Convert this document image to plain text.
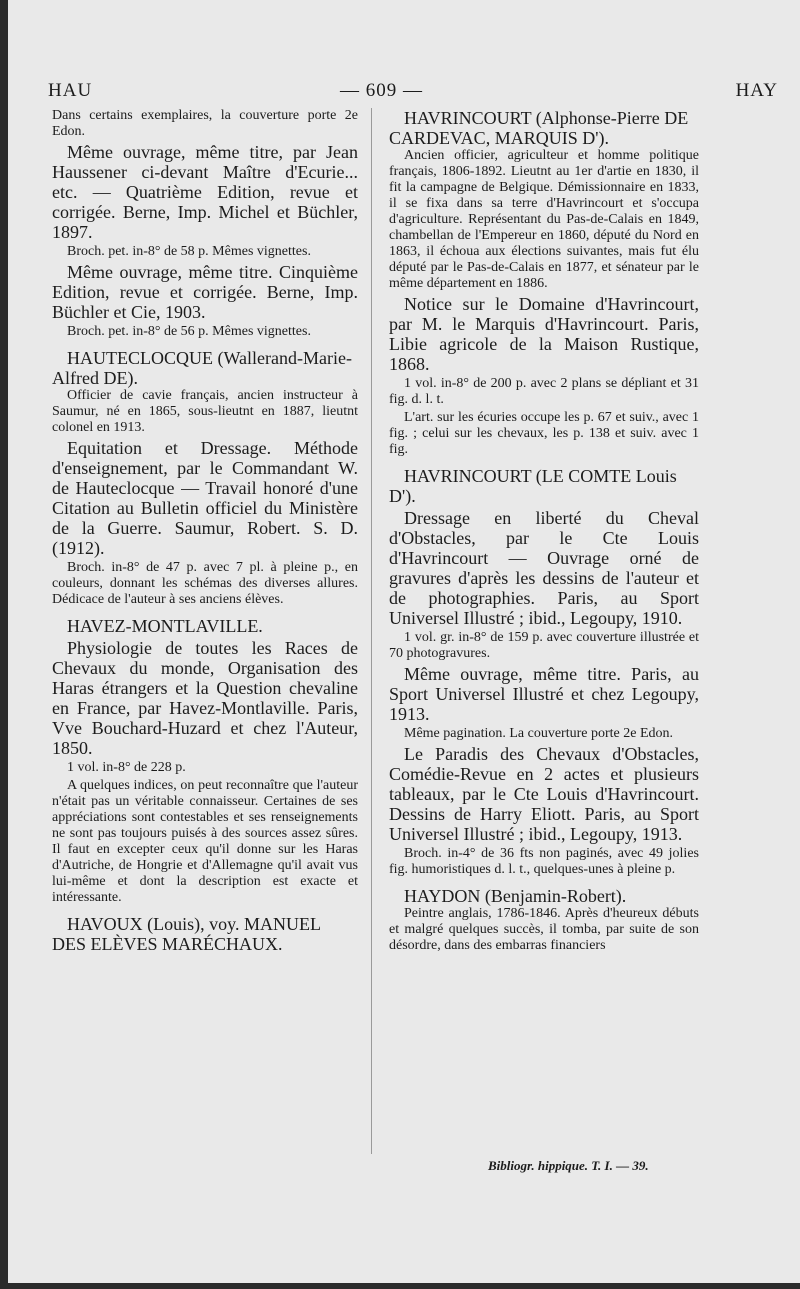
HAU	— 609 —	HAY

Dans certains exemplaires, la couverture porte 2e Edon.

Même ouvrage, même titre, par Jean Haussener ci-devant Maître d'Ecurie... etc. — Quatrième Edition, revue et corrigée. Berne, Imp. Michel et Büchler, 1897.

Broch. pet. in-8° de 58 p. Mêmes vignettes.

Même ouvrage, même titre. Cinquième Edition, revue et corrigée. Berne, Imp. Büchler et Cie, 1903.

Broch. pet. in-8° de 56 p. Mêmes vignettes.

HAUTECLOCQUE (Wallerand-Marie-Alfred DE).

Officier de cavie français, ancien instructeur à Saumur, né en 1865, sous-lieutnt en 1887, lieutnt colonel en 1913.

Equitation et Dressage. Méthode d'enseignement, par le Commandant W. de Hauteclocque — Travail honoré d'une Citation au Bulletin officiel du Ministère de la Guerre. Saumur, Robert. S. D. (1912).

Broch. in-8° de 47 p. avec 7 pl. à pleine p., en couleurs, donnant les schémas des diverses allures. Dédicace de l'auteur à ses anciens élèves.

HAVEZ-MONTLAVILLE.

Physiologie de toutes les Races de Chevaux du monde, Organisation des Haras étrangers et la Question chevaline en France, par Havez-Montlaville. Paris, Vve Bouchard-Huzard et chez l'Auteur, 1850.

1 vol. in-8° de 228 p.

A quelques indices, on peut reconnaître que l'auteur n'était pas un véritable connaisseur. Certaines de ses appréciations sont contestables et ses renseignements ne sont pas toujours puisés à des sources assez sûres. Il faut en excepter ceux qu'il donne sur les Haras d'Autriche, de Hongrie et d'Allemagne qu'il avait vus lui-même et dont la description est exacte et intéressante.

HAVOUX (Louis), voy. MANUEL DES ELÈVES MARÉCHAUX.

HAVRINCOURT (Alphonse-Pierre DE CARDEVAC, MARQUIS D').

Ancien officier, agriculteur et homme politique français, 1806-1892. Lieutnt au 1er d'artie en 1830, il fit la campagne de Belgique. Démissionnaire en 1833, il se fixa dans sa terre d'Havrincourt et s'occupa d'agriculture. Représentant du Pas-de-Calais en 1849, chambellan de l'Empereur en 1860, député du Nord en 1863, il échoua aux élections suivantes, mais fut élu député par le Pas-de-Calais en 1877, et sénateur par le même département en 1886.

Notice sur le Domaine d'Havrincourt, par M. le Marquis d'Havrincourt. Paris, Libie agricole de la Maison Rustique, 1868.

1 vol. in-8° de 200 p. avec 2 plans se dépliant et 31 fig. d. l. t.

L'art. sur les écuries occupe les p. 67 et suiv., avec 1 fig. ; celui sur les chevaux, les p. 138 et suiv. avec 1 fig.

HAVRINCOURT (LE COMTE Louis D').

Dressage en liberté du Cheval d'Obstacles, par le Cte Louis d'Havrincourt — Ouvrage orné de gravures d'après les dessins de l'auteur et de photographies. Paris, au Sport Universel Illustré ; ibid., Legoupy, 1910.

1 vol. gr. in-8° de 159 p. avec couverture illustrée et 70 photogravures.

Même ouvrage, même titre. Paris, au Sport Universel Illustré et chez Legoupy, 1913.

Même pagination. La couverture porte 2e Edon.

Le Paradis des Chevaux d'Obstacles, Comédie-Revue en 2 actes et plusieurs tableaux, par le Cte Louis d'Havrincourt. Dessins de Harry Eliott. Paris, au Sport Universel Illustré ; ibid., Legoupy, 1913.

Broch. in-4° de 36 fts non paginés, avec 49 jolies fig. humoristiques d. l. t., quelques-unes à pleine p.

HAYDON (Benjamin-Robert).

Peintre anglais, 1786-1846. Après d'heureux débuts et malgré quelques succès, il tomba, par suite de son désordre, dans des embarras financiers

Bibliogr. hippique. T. I. — 39.
